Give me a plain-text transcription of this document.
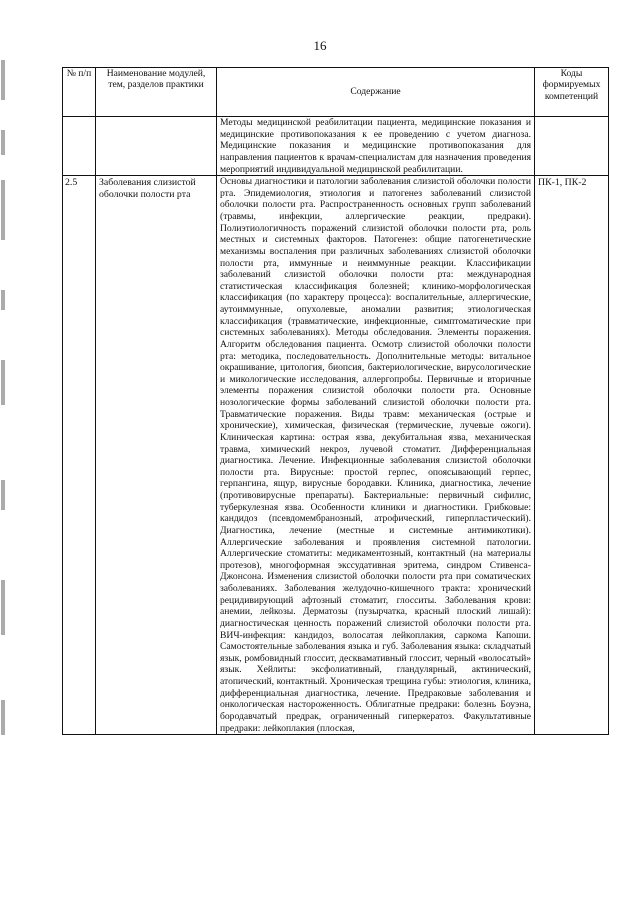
16
№ п/п	Наименование модулей, тем, разделов практики	Содержание	Коды формируемых компетенций
		Методы медицинской реабилитации пациента, медицинские показания и медицинские противопоказания к ее проведению с учетом диагноза. Медицинские показания и медицинские противопоказания для направления пациентов к врачам-специалистам для назначения проведения мероприятий индивидуальной медицинской реабилитации.	
2.5	Заболевания слизистой оболочки полости рта	Основы диагностики и патологии заболевания слизистой оболочки полости рта. Эпидемиология, этиология и патогенез заболеваний слизистой оболочки полости рта. Распространенность основных групп заболеваний (травмы, инфекции, аллергические реакции, предраки). Полиэтиологичность поражений слизистой оболочки полости рта, роль местных и системных факторов. Патогенез: общие патогенетические механизмы воспаления при различных заболеваниях слизистой оболочки полости рта, иммунные и неиммунные реакции. Классификации заболеваний слизистой оболочки полости рта: международная статистическая классификация болезней; клинико-морфологическая классификация (по характеру процесса): воспалительные, аллергические, аутоиммунные, опухолевые, аномалии развития; этиологическая классификация (травматические, инфекционные, симптоматические при системных заболеваниях). Методы обследования. Элементы поражения. Алгоритм обследования пациента. Осмотр слизистой оболочки полости рта: методика, последовательность. Дополнительные методы: витальное окрашивание, цитология, биопсия, бактериологические, вирусологические и микологические исследования, аллергопробы. Первичные и вторичные элементы поражения слизистой оболочки полости рта. Основные нозологические формы заболеваний слизистой оболочки полости рта. Травматические поражения. Виды травм: механическая (острые и хронические), химическая, физическая (термические, лучевые ожоги). Клиническая картина: острая язва, декубитальная язва, механическая травма, химический некроз, лучевой стоматит. Дифференциальная диагностика. Лечение. Инфекционные заболевания слизистой оболочки полости рта. Вирусные: простой герпес, опоясывающий герпес, герпангина, ящур, вирусные бородавки. Клиника, диагностика, лечение (противовирусные препараты). Бактериальные: первичный сифилис, туберкулезная язва. Особенности клиники и диагностики. Грибковые: кандидоз (псевдомембранозный, атрофический, гиперпластический). Диагностика, лечение (местные и системные антимикотики). Аллергические заболевания и проявления системной патологии. Аллергические стоматиты: медикаментозный, контактный (на материалы протезов), многоформная экссудативная эритема, синдром Стивенса-Джонсона. Изменения слизистой оболочки полости рта при соматических заболеваниях. Заболевания желудочно-кишечного тракта: хронический рецидивирующий афтозный стоматит, глосситы. Заболевания крови: анемии, лейкозы. Дерматозы (пузырчатка, красный плоский лишай): диагностическая ценность поражений слизистой оболочки полости рта. ВИЧ-инфекция: кандидоз, волосатая лейкоплакия, саркома Капоши. Самостоятельные заболевания языка и губ. Заболевания языка: складчатый язык, ромбовидный глоссит, десквамативный глоссит, черный «волосатый» язык. Хейлиты: эксфолиативный, гландулярный, актинический, атопический, контактный. Хроническая трещина губы: этиология, клиника, дифференциальная диагностика, лечение. Предраковые заболевания и онкологическая настороженность. Облигатные предраки: болезнь Боуэна, бородавчатый предрак, ограниченный гиперкератоз. Факультативные предраки: лейкоплакия (плоская,	ПК-1, ПК-2
